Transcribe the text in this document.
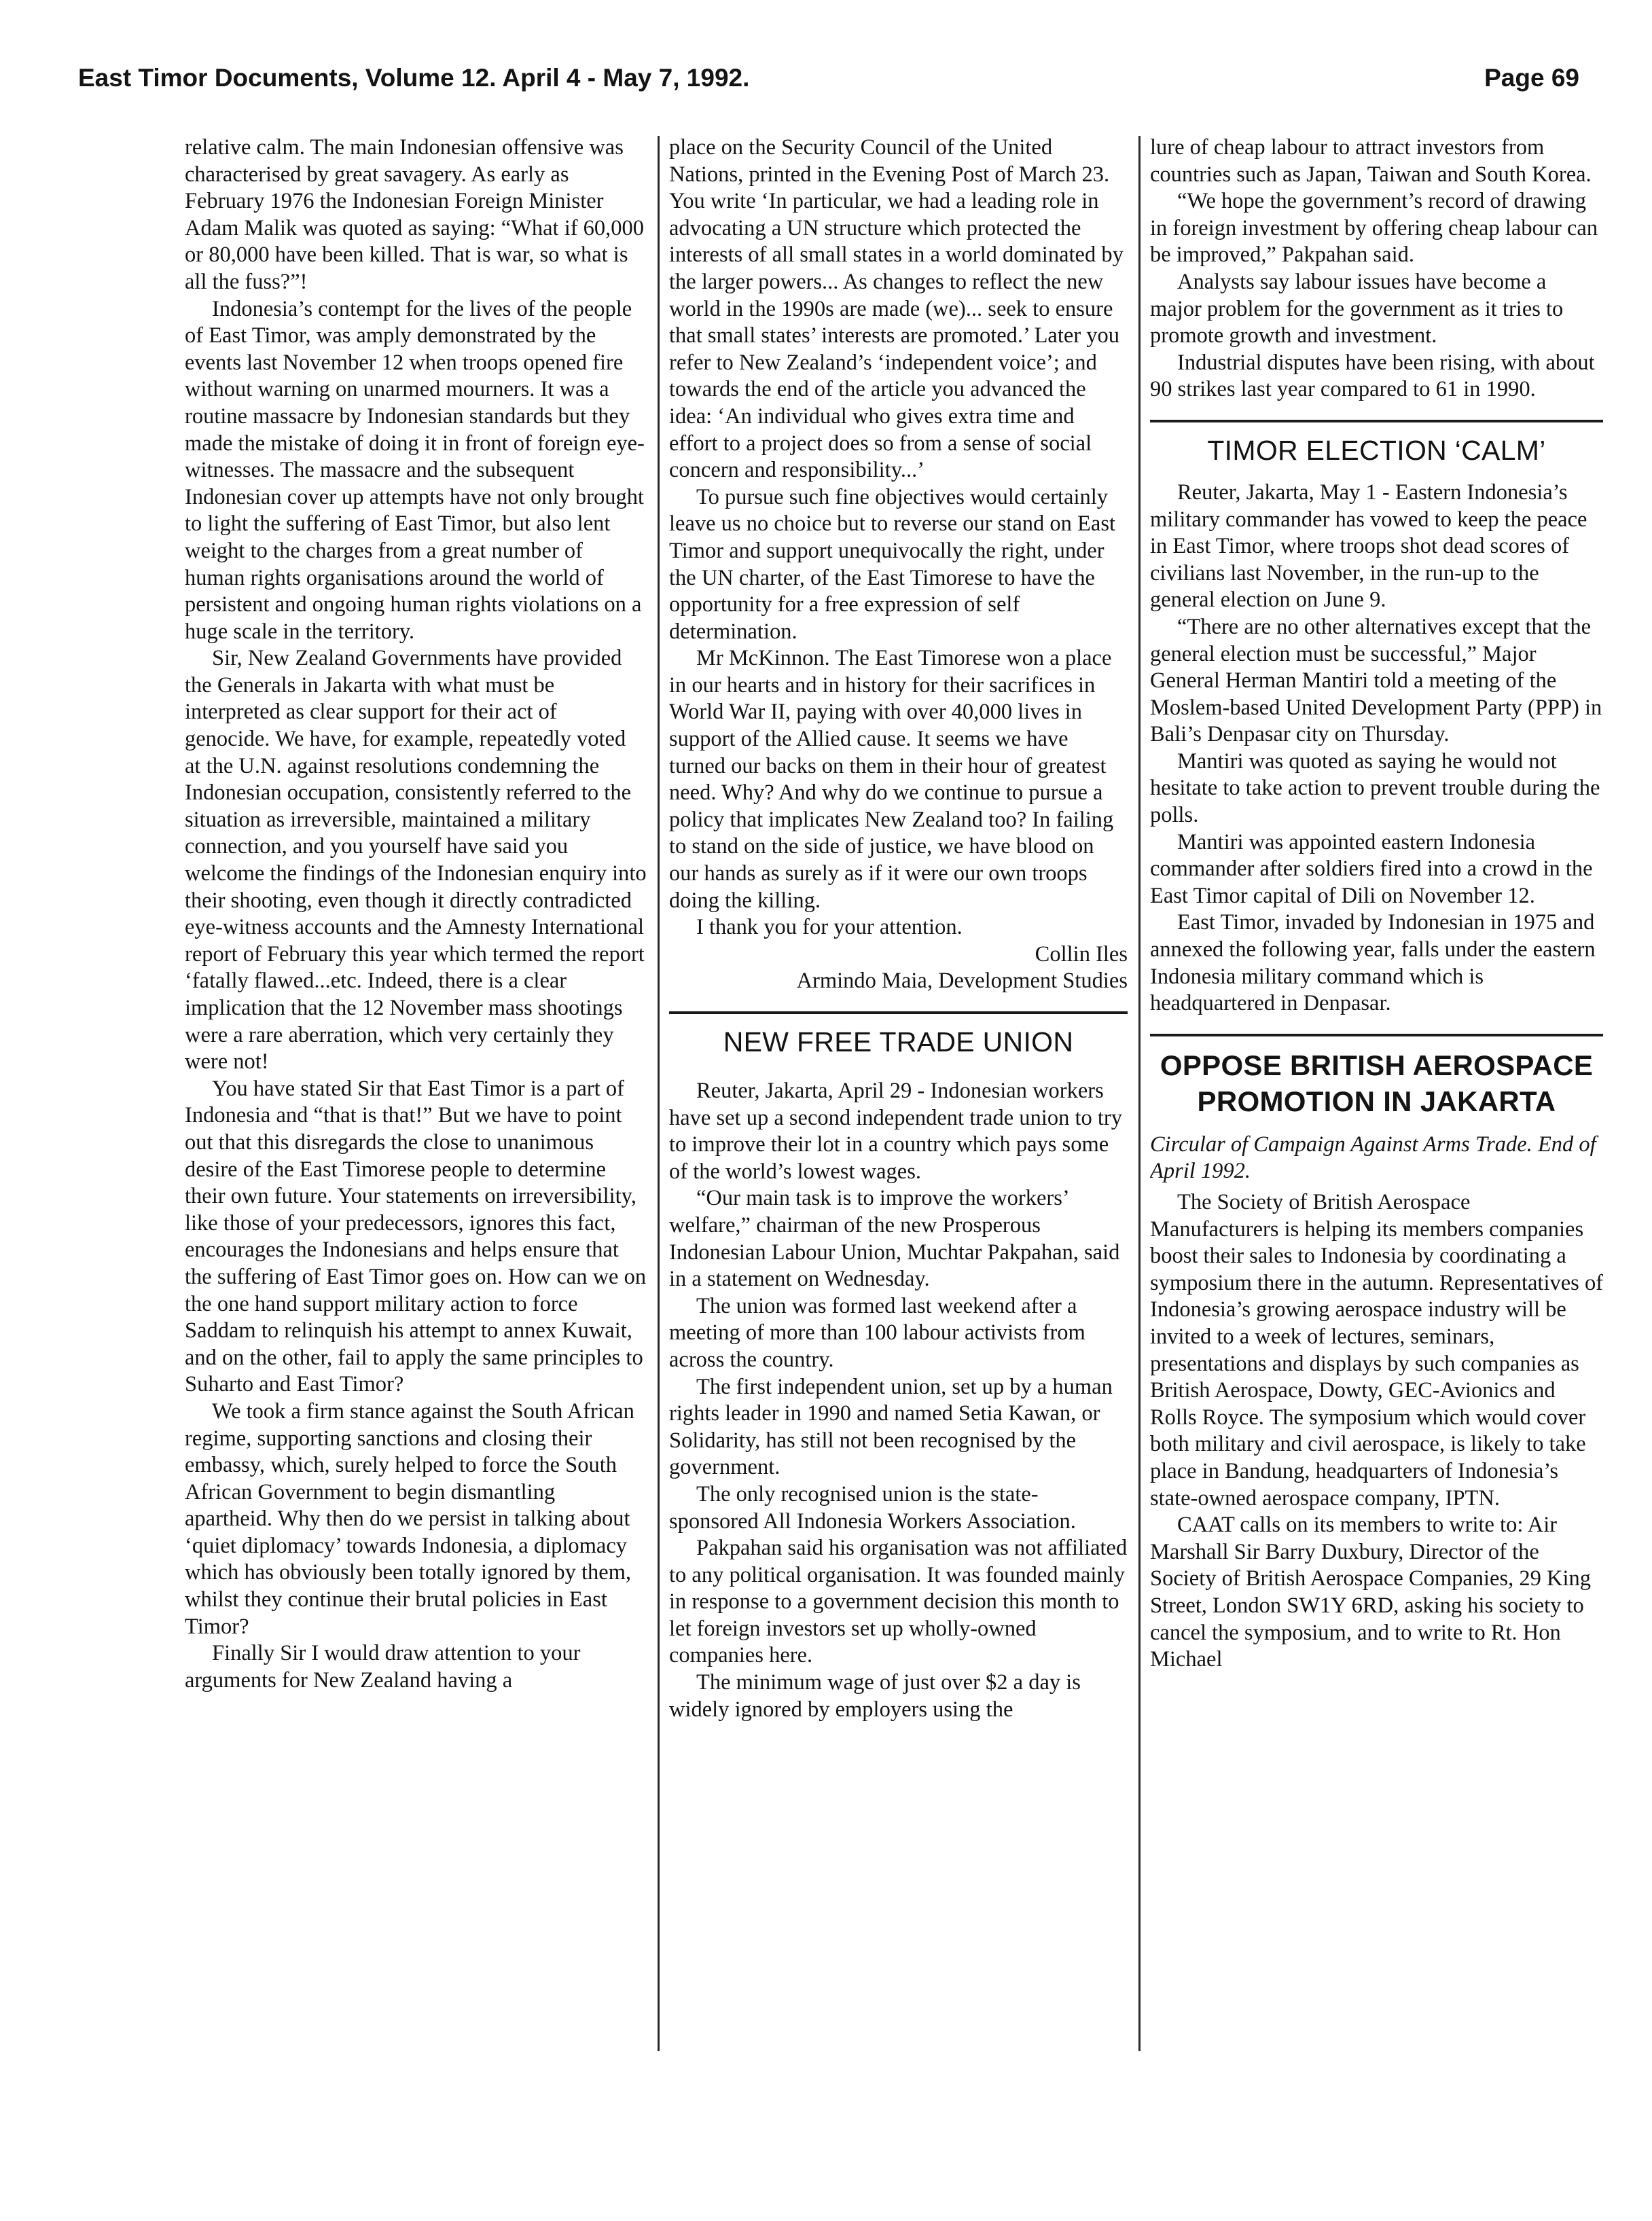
East Timor Documents, Volume 12. April 4 - May 7, 1992.	Page 69

relative calm. The main Indonesian offensive was characterised by great savagery. As early as February 1976 the Indonesian Foreign Minister Adam Malik was quoted as saying: “What if 60,000 or 80,000 have been killed. That is war, so what is all the fuss?”!

Indonesia’s contempt for the lives of the people of East Timor, was amply demonstrated by the events last November 12 when troops opened fire without warning on unarmed mourners. It was a routine massacre by Indonesian standards but they made the mistake of doing it in front of foreign eye-witnesses. The massacre and the subsequent Indonesian cover up attempts have not only brought to light the suffering of East Timor, but also lent weight to the charges from a great number of human rights organisations around the world of persistent and ongoing human rights violations on a huge scale in the territory.

Sir, New Zealand Governments have provided the Generals in Jakarta with what must be interpreted as clear support for their act of genocide. We have, for example, repeatedly voted at the U.N. against resolutions condemning the Indonesian occupation, consistently referred to the situation as irreversible, maintained a military connection, and you yourself have said you welcome the findings of the Indonesian enquiry into their shooting, even though it directly contradicted eye-witness accounts and the Amnesty International report of February this year which termed the report ‘fatally flawed...etc. Indeed, there is a clear implication that the 12 November mass shootings were a rare aberration, which very certainly they were not!

You have stated Sir that East Timor is a part of Indonesia and “that is that!” But we have to point out that this disregards the close to unanimous desire of the East Timorese people to determine their own future. Your statements on irreversibility, like those of your predecessors, ignores this fact, encourages the Indonesians and helps ensure that the suffering of East Timor goes on. How can we on the one hand support military action to force Saddam to relinquish his attempt to annex Kuwait, and on the other, fail to apply the same principles to Suharto and East Timor?

We took a firm stance against the South African regime, supporting sanctions and closing their embassy, which, surely helped to force the South African Government to begin dismantling apartheid. Why then do we persist in talking about ‘quiet diplomacy’ towards Indonesia, a diplomacy which has obviously been totally ignored by them, whilst they continue their brutal policies in East Timor?

Finally Sir I would draw attention to your arguments for New Zealand having a

place on the Security Council of the United Nations, printed in the Evening Post of March 23. You write ‘In particular, we had a leading role in advocating a UN structure which protected the interests of all small states in a world dominated by the larger powers... As changes to reflect the new world in the 1990s are made (we)... seek to ensure that small states’ interests are promoted.’ Later you refer to New Zealand’s ‘independent voice’; and towards the end of the article you advanced the idea: ‘An individual who gives extra time and effort to a project does so from a sense of social concern and responsibility...’

To pursue such fine objectives would certainly leave us no choice but to reverse our stand on East Timor and support unequivocally the right, under the UN charter, of the East Timorese to have the opportunity for a free expression of self determination.

Mr McKinnon. The East Timorese won a place in our hearts and in history for their sacrifices in World War II, paying with over 40,000 lives in support of the Allied cause. It seems we have turned our backs on them in their hour of greatest need. Why? And why do we continue to pursue a policy that implicates New Zealand too? In failing to stand on the side of justice, we have blood on our hands as surely as if it were our own troops doing the killing.

I thank you for your attention.

Collin Iles

Armindo Maia, Development Studies

NEW FREE TRADE UNION

Reuter, Jakarta, April 29 - Indonesian workers have set up a second independent trade union to try to improve their lot in a country which pays some of the world’s lowest wages.

“Our main task is to improve the workers’ welfare,” chairman of the new Prosperous Indonesian Labour Union, Muchtar Pakpahan, said in a statement on Wednesday.

The union was formed last weekend after a meeting of more than 100 labour activists from across the country.

The first independent union, set up by a human rights leader in 1990 and named Setia Kawan, or Solidarity, has still not been recognised by the government.

The only recognised union is the state-sponsored All Indonesia Workers Association.

Pakpahan said his organisation was not affiliated to any political organisation. It was founded mainly in response to a government decision this month to let foreign investors set up wholly-owned companies here.

The minimum wage of just over $2 a day is widely ignored by employers using the

lure of cheap labour to attract investors from countries such as Japan, Taiwan and South Korea.

“We hope the government’s record of drawing in foreign investment by offering cheap labour can be improved,” Pakpahan said.

Analysts say labour issues have become a major problem for the government as it tries to promote growth and investment.

Industrial disputes have been rising, with about 90 strikes last year compared to 61 in 1990.

TIMOR ELECTION ‘CALM’

Reuter, Jakarta, May 1 - Eastern Indonesia’s military commander has vowed to keep the peace in East Timor, where troops shot dead scores of civilians last November, in the run-up to the general election on June 9.

“There are no other alternatives except that the general election must be successful,” Major General Herman Mantiri told a meeting of the Moslem-based United Development Party (PPP) in Bali’s Denpasar city on Thursday.

Mantiri was quoted as saying he would not hesitate to take action to prevent trouble during the polls.

Mantiri was appointed eastern Indonesia commander after soldiers fired into a crowd in the East Timor capital of Dili on November 12.

East Timor, invaded by Indonesian in 1975 and annexed the following year, falls under the eastern Indonesia military command which is headquartered in Denpasar.

OPPOSE BRITISH AEROSPACE PROMOTION IN JAKARTA

Circular of Campaign Against Arms Trade. End of April 1992.

The Society of British Aerospace Manufacturers is helping its members companies boost their sales to Indonesia by coordinating a symposium there in the autumn. Representatives of Indonesia’s growing aerospace industry will be invited to a week of lectures, seminars, presentations and displays by such companies as British Aerospace, Dowty, GEC-Avionics and Rolls Royce. The symposium which would cover both military and civil aerospace, is likely to take place in Bandung, headquarters of Indonesia’s state-owned aerospace company, IPTN.

CAAT calls on its members to write to: Air Marshall Sir Barry Duxbury, Director of the Society of British Aerospace Companies, 29 King Street, London SW1Y 6RD, asking his society to cancel the symposium, and to write to Rt. Hon Michael
